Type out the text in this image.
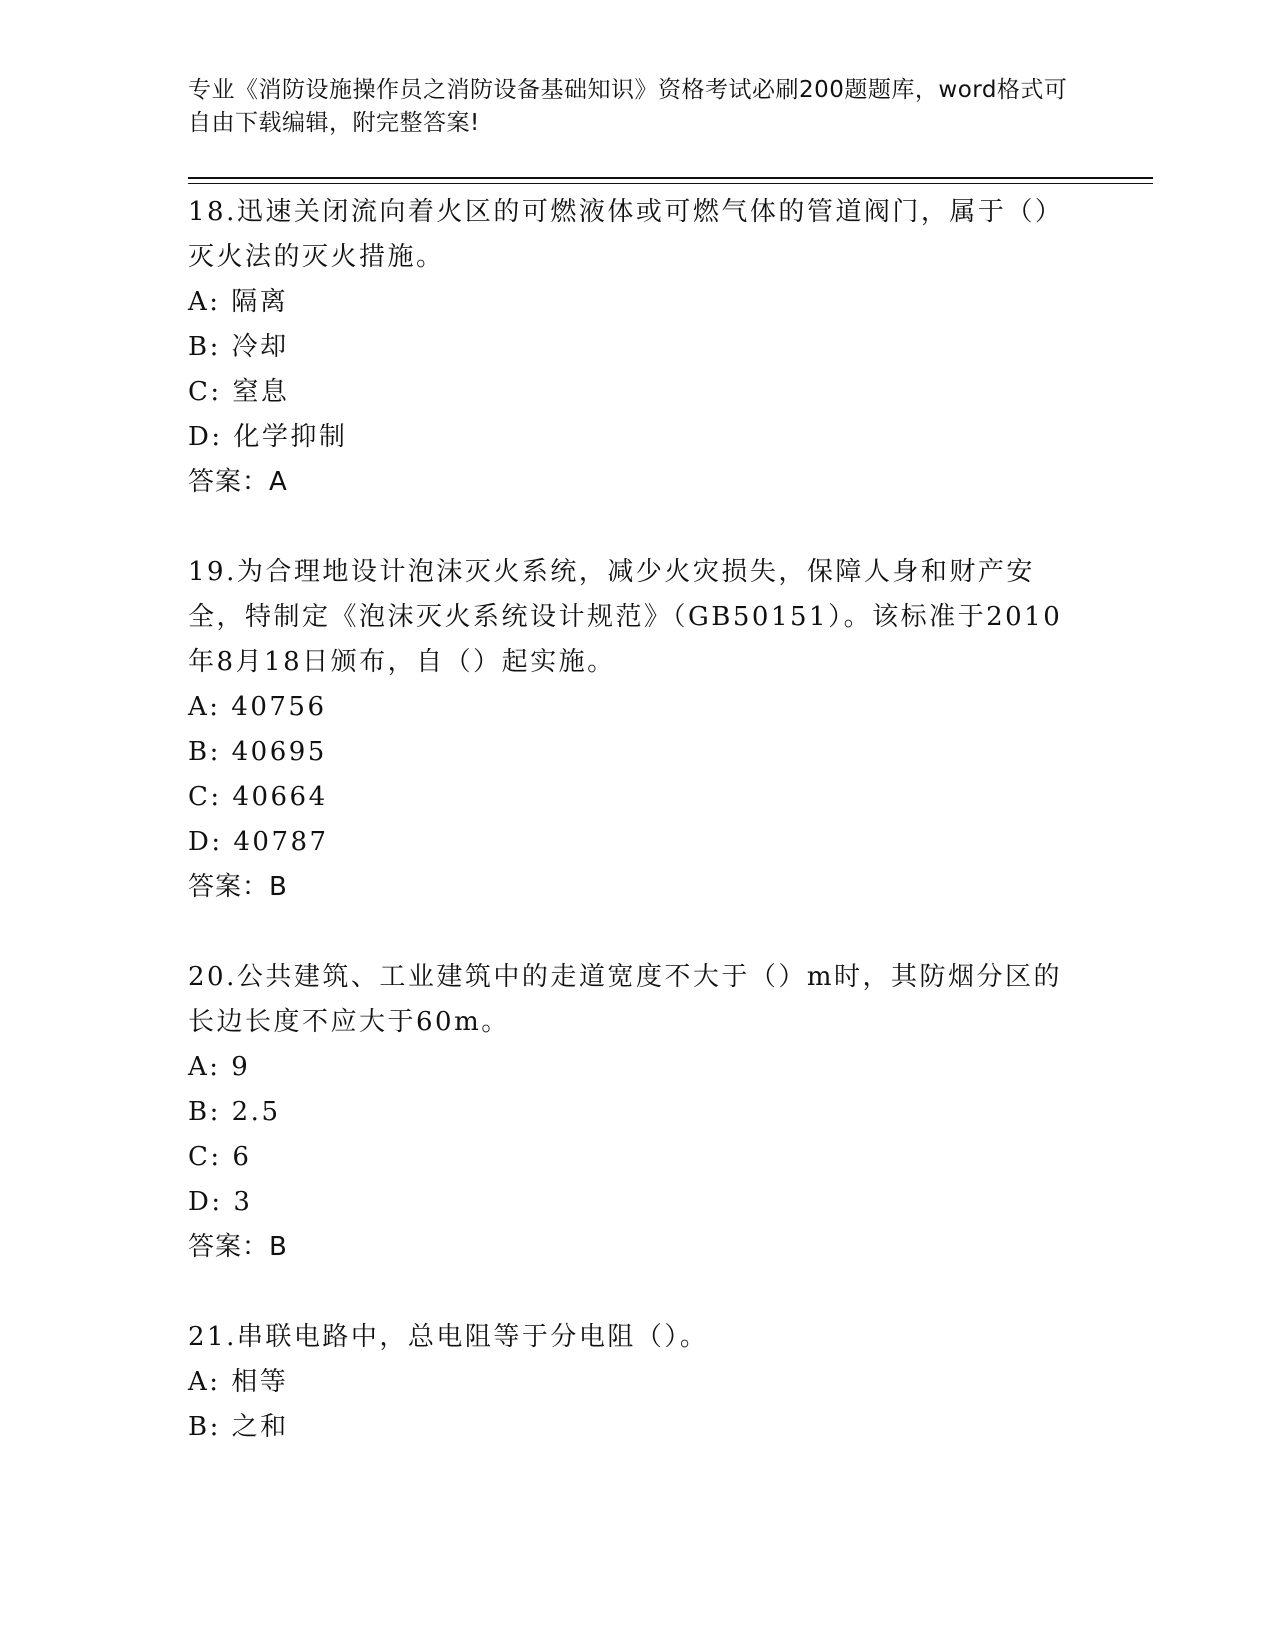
专业《消防设施操作员之消防设备基础知识》资格考试必刷200题题库，word格式可自由下载编辑，附完整答案!
18.迅速关闭流向着火区的可燃液体或可燃气体的管道阀门，属于（）灭火法的灭火措施。
A: 隔离
B: 冷却
C: 窒息
D: 化学抑制
答案：A
19.为合理地设计泡沫灭火系统，减少火灾损失，保障人身和财产安全，特制定《泡沫灭火系统设计规范》（GB50151）。该标准于2010年8月18日颁布，自（）起实施。
A: 40756
B: 40695
C: 40664
D: 40787
答案：B
20.公共建筑、工业建筑中的走道宽度不大于（）m时，其防烟分区的长边长度不应大于60m。
A: 9
B: 2.5
C: 6
D: 3
答案：B
21.串联电路中，总电阻等于分电阻（）。
A: 相等
B: 之和
